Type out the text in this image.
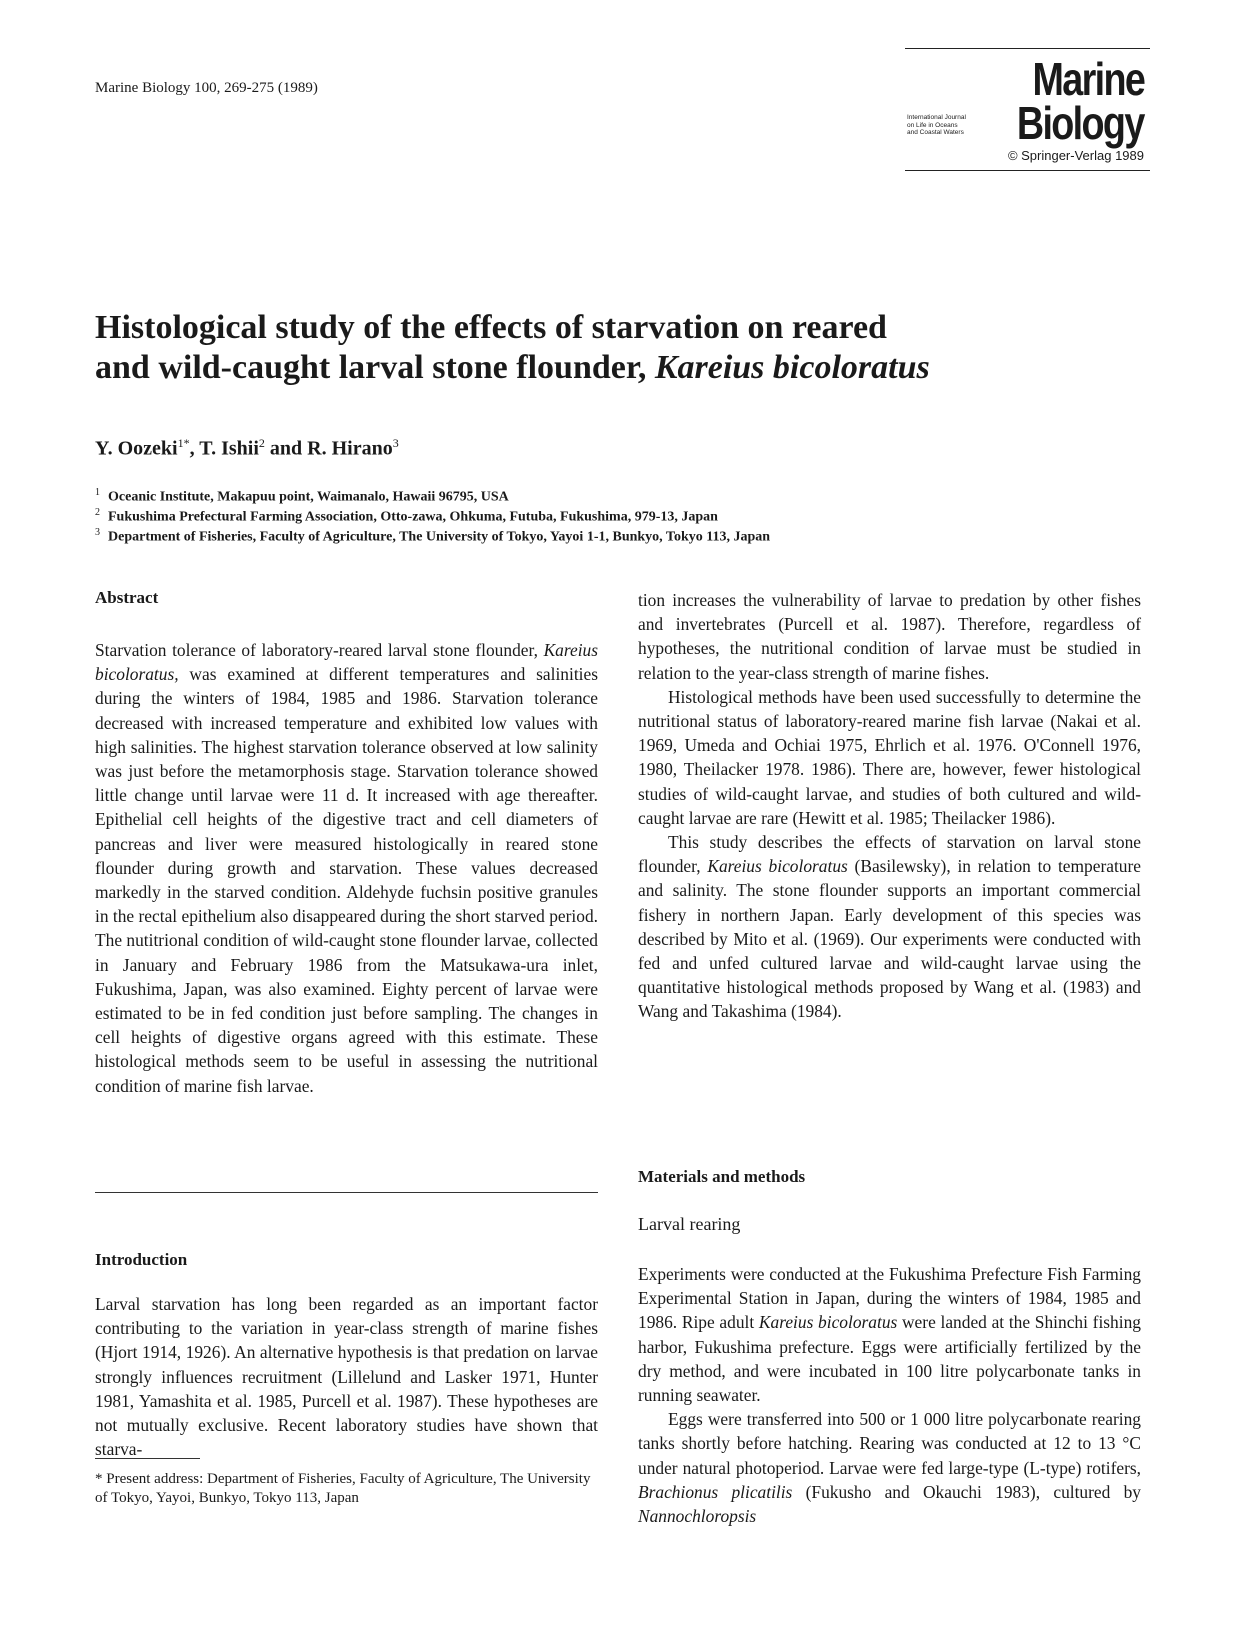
Marine Biology 100, 269-275 (1989)	Marine
International Journal
on Life in Oceans
and Coastal Waters Biology
© Springer-Verlag 1989
Histological study of the effects of starvation on reared
and wild-caught larval stone flounder, Kareius bicoloratus
Y. Oozeki$^{1*}$, T. Ishii$^2$ and R. Hirano$^3$
$^1$ Oceanic Institute, Makapuu point, Waimanalo, Hawaii 96795, USA
$^2$ Fukushima Prefectural Farming Association, Otto-zawa, Ohkuma, Futuba, Fukushima, 979-13, Japan
$^3$ Department of Fisheries, Faculty of Agriculture, The University of Tokyo, Yayoi 1-1, Bunkyo, Tokyo 113, Japan
Abstract

Starvation tolerance of laboratory-reared larval stone flounder, Kareius bicoloratus, was examined at different temperatures and salinities during the winters of 1984, 1985 and 1986. Starvation tolerance decreased with increased temperature and exhibited low values with high salinities. The highest starvation tolerance observed at low salinity was just before the metamorphosis stage. Starvation tolerance showed little change until larvae were 11 d. It increased with age thereafter. Epithelial cell heights of the digestive tract and cell diameters of pancreas and liver were measured histologically in reared stone flounder during growth and starvation. These values decreased markedly in the starved condition. Aldehyde fuchsin positive granules in the rectal epithelium also disappeared during the short starved period. The nutitrional condition of wild-caught stone flounder larvae, collected in January and February 1986 from the Matsukawa-ura inlet, Fukushima, Japan, was also examined. Eighty percent of larvae were estimated to be in fed condition just before sampling. The changes in cell heights of digestive organs agreed with this estimate. These histological methods seem to be useful in assessing the nutritional condition of marine fish larvae.

Introduction

Larval starvation has long been regarded as an important factor contributing to the variation in year-class strength of marine fishes (Hjort 1914, 1926). An alternative hypothesis is that predation on larvae strongly influences recruitment (Lillelund and Lasker 1971, Hunter 1981, Yamashita et al. 1985, Purcell et al. 1987). These hypotheses are not mutually exclusive. Recent laboratory studies have shown that starva-

* Present address: Department of Fisheries, Faculty of Agriculture, The University of Tokyo, Yayoi, Bunkyo, Tokyo 113, Japan

tion increases the vulnerability of larvae to predation by other fishes and invertebrates (Purcell et al. 1987). Therefore, regardless of hypotheses, the nutritional condition of larvae must be studied in relation to the year-class strength of marine fishes.

Histological methods have been used successfully to determine the nutritional status of laboratory-reared marine fish larvae (Nakai et al. 1969, Umeda and Ochiai 1975, Ehrlich et al. 1976. O'Connell 1976, 1980, Theilacker 1978. 1986). There are, however, fewer histological studies of wild-caught larvae, and studies of both cultured and wild-caught larvae are rare (Hewitt et al. 1985; Theilacker 1986).

This study describes the effects of starvation on larval stone flounder, Kareius bicoloratus (Basilewsky), in relation to temperature and salinity. The stone flounder supports an important commercial fishery in northern Japan. Early development of this species was described by Mito et al. (1969). Our experiments were conducted with fed and unfed cultured larvae and wild-caught larvae using the quantitative histological methods proposed by Wang et al. (1983) and Wang and Takashima (1984).

Materials and methods
Larval rearing

Experiments were conducted at the Fukushima Prefecture Fish Farming Experimental Station in Japan, during the winters of 1984, 1985 and 1986. Ripe adult Kareius bicoloratus were landed at the Shinchi fishing harbor, Fukushima prefecture. Eggs were artificially fertilized by the dry method, and were incubated in 100 litre polycarbonate tanks in running seawater.

Eggs were transferred into 500 or 1 000 litre polycarbonate rearing tanks shortly before hatching. Rearing was conducted at 12 to 13 °C under natural photoperiod. Larvae were fed large-type (L-type) rotifers, Brachionus plicatilis (Fukusho and Okauchi 1983), cultured by Nannochloropsis
